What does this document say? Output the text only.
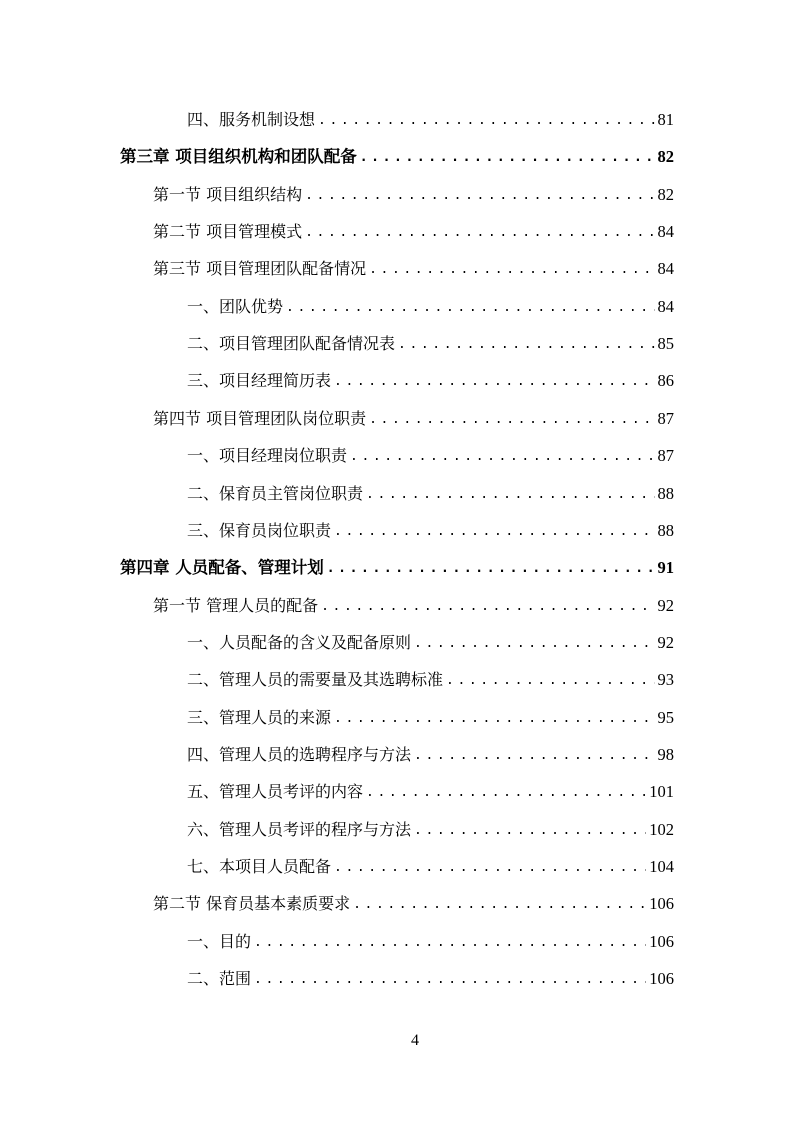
四、服务机制设想 .....	81
第三章 项目组织机构和团队配备 .....	82
第一节 项目组织结构 .....	82
第二节 项目管理模式 .....	84
第三节 项目管理团队配备情况 .....	84
一、团队优势 .....	84
二、项目管理团队配备情况表 .....	85
三、项目经理简历表 .....	86
第四节 项目管理团队岗位职责 .....	87
一、项目经理岗位职责 .....	87
二、保育员主管岗位职责 .....	88
三、保育员岗位职责 .....	88
第四章 人员配备、管理计划 .....	91
第一节 管理人员的配备 .....	92
一、人员配备的含义及配备原则 .....	92
二、管理人员的需要量及其选聘标准 .....	93
三、管理人员的来源 .....	95
四、管理人员的选聘程序与方法 .....	98
五、管理人员考评的内容 .....	101
六、管理人员考评的程序与方法 .....	102
七、本项目人员配备 .....	104
第二节 保育员基本素质要求 .....	106
一、目的 .....	106
二、范围 .....	106
4
